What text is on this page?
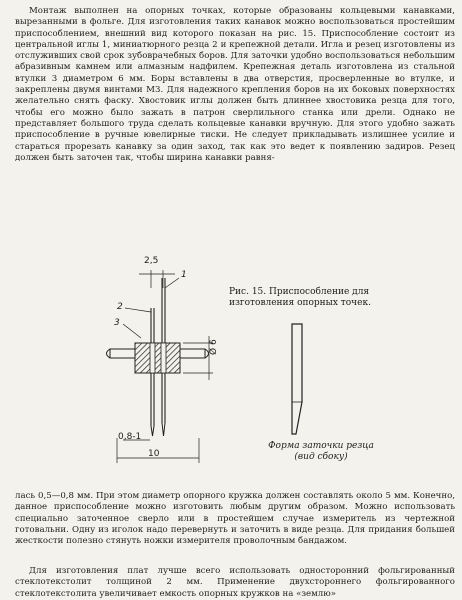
Монтаж выполнен на опорных точках, которые образованы кольцевыми канавками, вырезанными в фольге. Для изготовления таких канавок можно воспользоваться простейшим приспособлением, внешний вид которого показан на рис. 15. Приспособление состоит из центральной иглы 1, миниатюрного резца 2 и крепежной детали. Игла и резец изготовлены из отслуживших свой срок зубоврачебных боров. Для заточки удобно воспользоваться небольшим абразивным камнем или алмазным надфилем. Крепежная деталь изготовлена из стальной втулки 3 диаметром 6 мм. Боры вставлены в два отверстия, просверленные во втулке, и закреплены двумя винтами М3. Для надежного крепления боров на их боковых поверхностях желательно снять фаску. Хвостовик иглы должен быть длиннее хвостовика резца для того, чтобы его можно было зажать в патрон сверлильного станка или дрели. Однако не представляет большого труда сделать кольцевые канавки вручную. Для этого удобно зажать приспособление в ручные ювелирные тиски. Не следует прикладывать излишнее усилие и стараться прорезать канавку за один заход, так как это ведет к появлению задиров. Резец должен быть заточен так, чтобы ширина канавки равня-

2,5
1
2
3
0,8-1
10
Ø 6

Рис. 15. Приспособление для изготовления опорных точек.

Форма заточки резца (вид сбоку)

лась 0,5—0,8 мм. При этом диаметр опорного кружка должен составлять около 5 мм. Конечно, данное приспособление можно изготовить любым другим образом. Можно использовать специально заточенное сверло или в простейшем случае измеритель из чертежной готовальни. Одну из иголок надо перевернуть и заточить в виде резца. Для придания большей жесткости полезно стянуть ножки измерителя проволочным бандажом.

Для изготовления плат лучше всего использовать односторонний фольгированный стеклотекстолит толщиной 2 мм. Применение двухстороннего фольгированного стеклотекстолита увеличивает емкость опорных кружков на «землю»
